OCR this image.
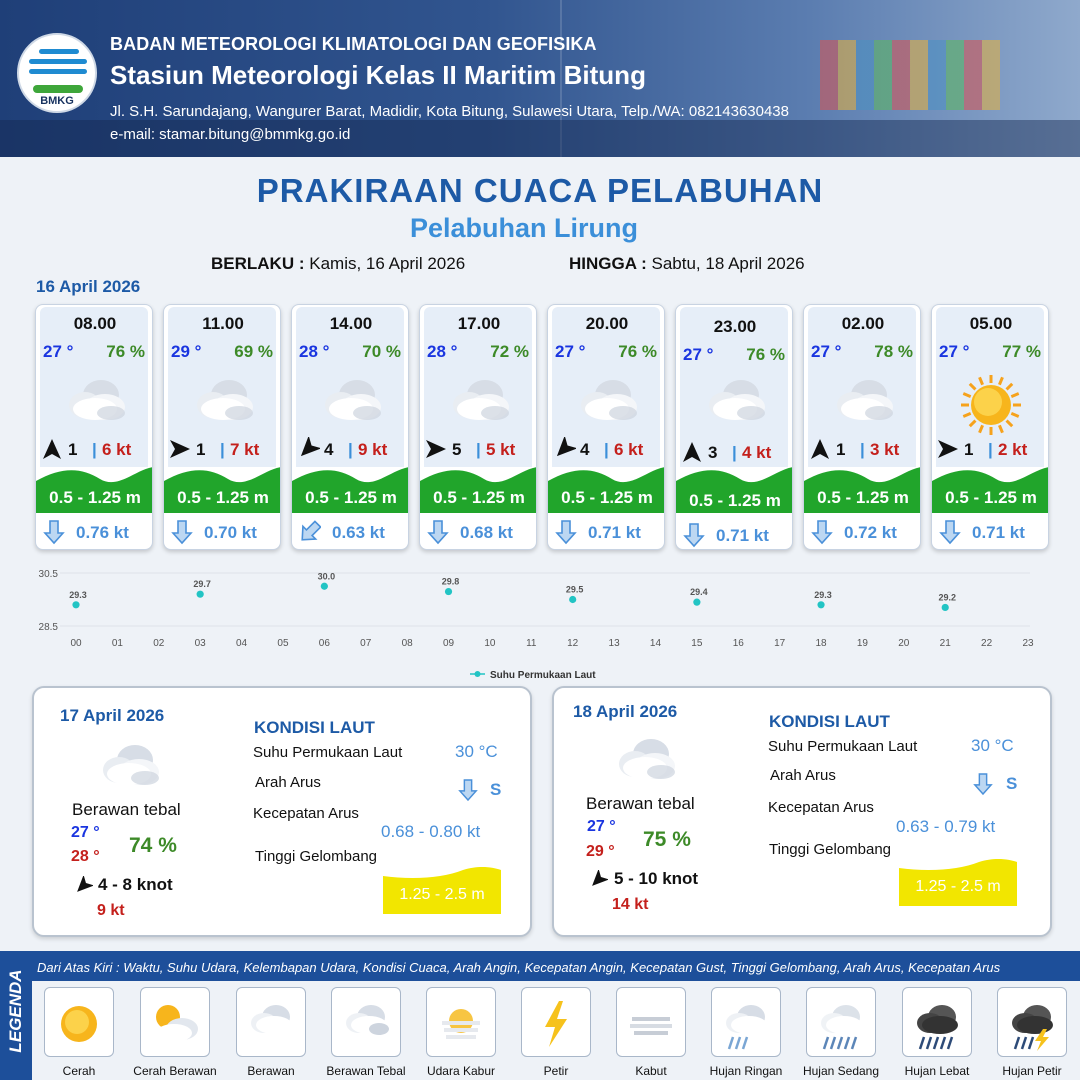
BMKG
BADAN METEOROLOGI KLIMATOLOGI DAN GEOFISIKA
Stasiun Meteorologi Kelas II Maritim Bitung
Jl. S.H. Sarundajang, Wangurer Barat, Madidir, Kota Bitung, Sulawesi Utara, Telp./WA: 082143630438
e-mail: stamar.bitung@bmmkg.go.id
PRAKIRAAN CUACA PELABUHAN
Pelabuhan Lirung
BERLAKU : Kamis, 16 April 2026	HINGGA : Sabtu, 18 April 2026
16 April 2026
08.00
27 ° 76 %
1 | 6 kt
0.5 - 1.25 m
0.76 kt
11.00
29 ° 69 %
1 | 7 kt
0.5 - 1.25 m
0.70 kt
14.00
28 ° 70 %
4 | 9 kt
0.5 - 1.25 m
0.63 kt
17.00
28 ° 72 %
5 | 5 kt
0.5 - 1.25 m
0.68 kt
20.00
27 ° 76 %
4 | 6 kt
0.5 - 1.25 m
0.71 kt
23.00
27 ° 76 %
3 | 4 kt
0.5 - 1.25 m
0.71 kt
02.00
27 ° 78 %
1 | 3 kt
0.5 - 1.25 m
0.72 kt
05.00
27 ° 77 %
1 | 2 kt
0.5 - 1.25 m
0.71 kt
30.5
28.5
00	01	02	03	04	05	06	07	08	09	10	11	12	13	14	15	16	17	18	19	20	21	22	23
29.3
29.7
30.0
29.8
29.5	29.4	29.3	29.2
Suhu Permukaan Laut
17 April 2026
Berawan tebal
27 °
28 ° 74 %
4 - 8 knot
9 kt
KONDISI LAUT
Suhu Permukaan Laut	30 °C
Arah Arus	S
Kecepatan Arus
0.68 - 0.80 kt
Tinggi Gelombang
1.25 - 2.5 m
18 April 2026
Berawan tebal
27 °
29 °
75 %
5 - 10 knot
14 kt
KONDISI LAUT
Suhu Permukaan Laut	30 °C
Arah Arus	S
Kecepatan Arus
0.63 - 0.79 kt
Tinggi Gelombang
1.25 - 2.5 m
LEGENDA
Dari Atas Kiri : Waktu, Suhu Udara, Kelembapan Udara, Kondisi Cuaca, Arah Angin, Kecepatan Angin, Kecepatan Gust, Tinggi Gelombang, Arah Arus, Kecepatan Arus
Cerah	Cerah Berawan	Berawan	Berawan Tebal	Udara Kabur	Petir	Kabut	Hujan Ringan	Hujan Sedang	Hujan Lebat	Hujan Petir
